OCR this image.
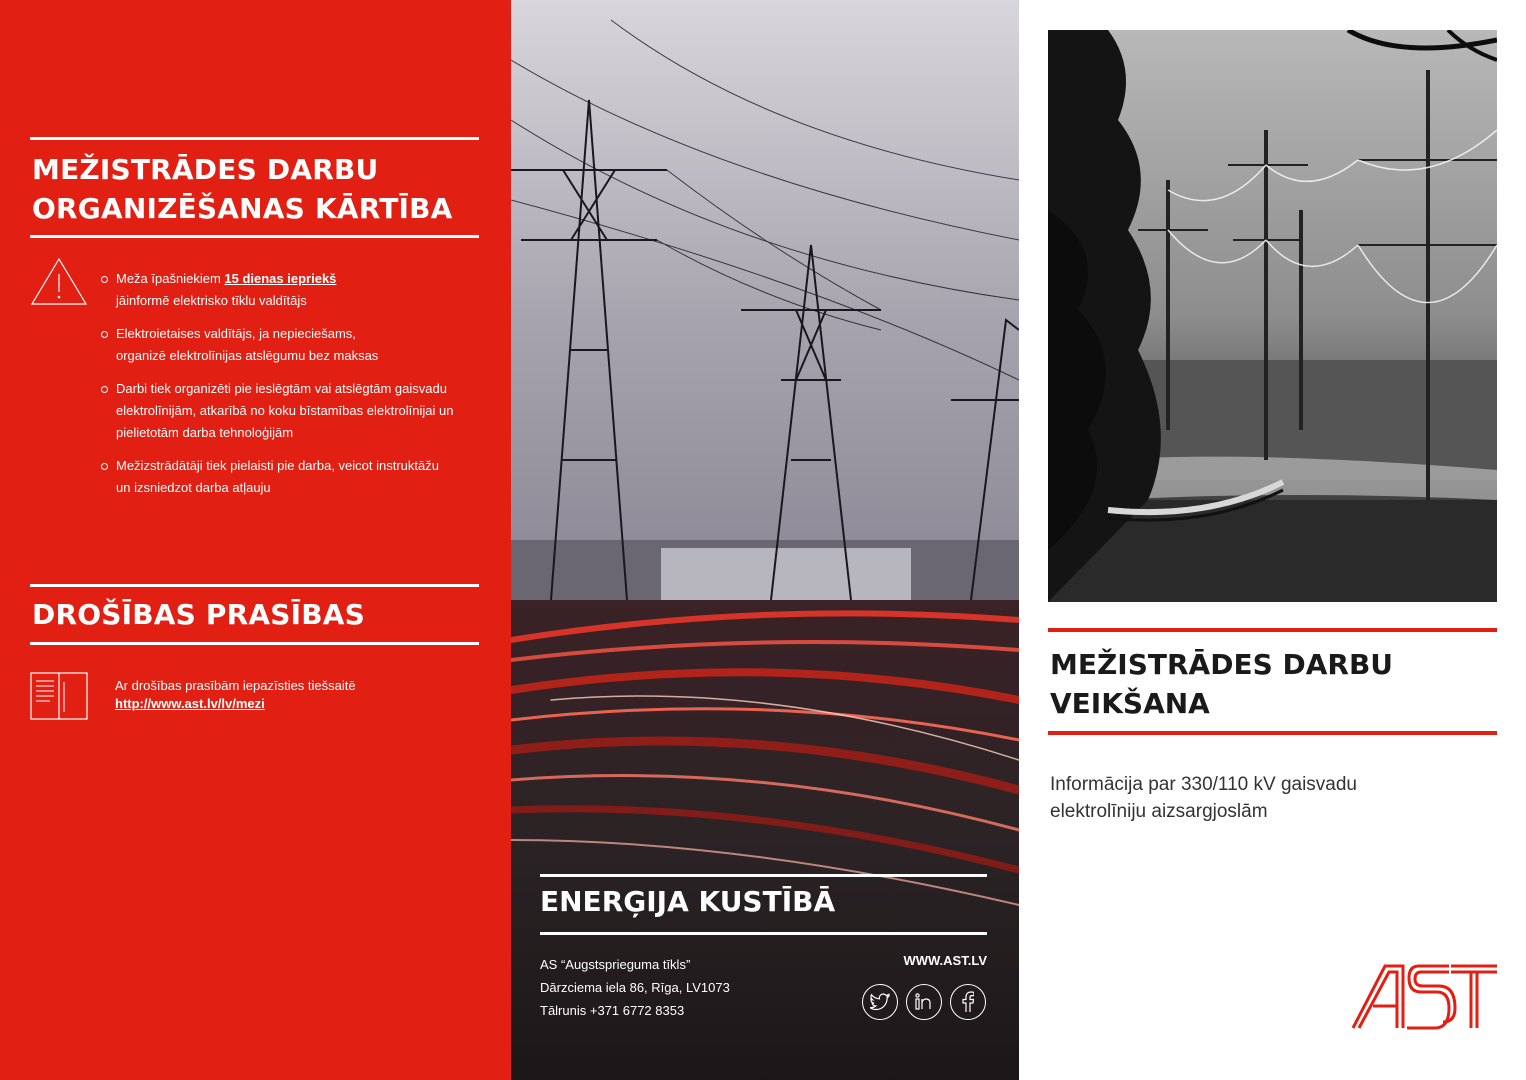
MEŽISTRĀDES DARBU
ORGANIZĒŠANAS KĀRTĪBA
Meža īpašniekiem 15 dienas iepriekš
jāinformē elektrisko tīklu valdītājs
Elektroietaises valdītājs, ja nepieciešams,
organizē elektrolīnijas atslēgumu bez maksas
Darbi tiek organizēti pie ieslēgtām vai atslēgtām gaisvadu
elektrolīnijām, atkarībā no koku bīstamības elektrolīnijai un
pielietotām darba tehnoloģijām
Mežizstrādātāji tiek pielaisti pie darba, veicot instruktāžu
un izsniedzot darba atļauju
DROŠĪBAS PRASĪBAS
Ar drošības prasībām iepazīsties tiešsaitē
http://www.ast.lv/lv/mezi
ENERĢIJA KUSTĪBĀ
AS “Augstsprieguma tīkls”
Dārzciema iela 86, Rīga, LV1073
Tālrunis +371 6772 8353
WWW.AST.LV
MEŽISTRĀDES DARBU
VEIKŠANA
Informācija par 330/110 kV gaisvadu
elektrolīniju aizsargjoslām
